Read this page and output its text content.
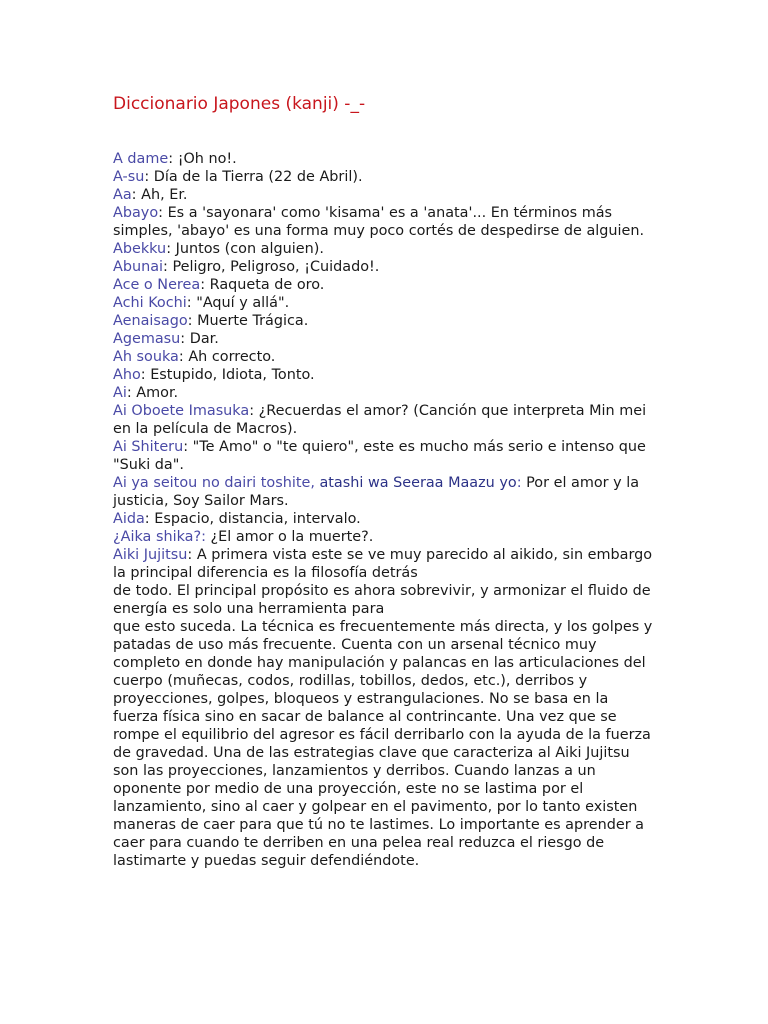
Diccionario Japones (kanji) -_-

A dame: ¡Oh no!.

A-su: Día de la Tierra (22 de Abril).

Aa: Ah, Er.

Abayo: Es a 'sayonara' como 'kisama' es a 'anata'... En términos más simples, 'abayo' es una forma muy poco cortés de despedirse de alguien.

Abekku: Juntos (con alguien).

Abunai: Peligro, Peligroso, ¡Cuidado!.

Ace o Nerea: Raqueta de oro.

Achi Kochi: "Aquí y allá".

Aenaisago: Muerte Trágica.

Agemasu: Dar.

Ah souka: Ah correcto.

Aho: Estupido, Idiota, Tonto.

Ai: Amor.

Ai Oboete Imasuka: ¿Recuerdas el amor? (Canción que interpreta Min mei en la película de Macros).

Ai Shiteru: "Te Amo" o "te quiero", este es mucho más serio e intenso que "Suki da".

Ai ya seitou no dairi toshite, atashi wa Seeraa Maazu yo: Por el amor y la justicia, Soy Sailor Mars.

Aida: Espacio, distancia, intervalo.

¿Aika shika?: ¿El amor o la muerte?.

Aiki Jujitsu: A primera vista este se ve muy parecido al aikido, sin embargo la principal diferencia es la filosofía detrás

de todo. El principal propósito es ahora sobrevivir, y armonizar el fluido de energía es solo una herramienta para

que esto suceda. La técnica es frecuentemente más directa, y los golpes y patadas de uso más frecuente. Cuenta con un arsenal técnico muy completo en donde hay manipulación y palancas en las articulaciones del cuerpo (muñecas, codos, rodillas, tobillos, dedos, etc.), derribos y proyecciones, golpes, bloqueos y estrangulaciones. No se basa en la fuerza física sino en sacar de balance al contrincante. Una vez que se rompe el equilibrio del agresor es fácil derribarlo con la ayuda de la fuerza de gravedad. Una de las estrategias clave que caracteriza al Aiki Jujitsu son las proyecciones, lanzamientos y derribos. Cuando lanzas a un oponente por medio de una proyección, este no se lastima por el lanzamiento, sino al caer y golpear en el pavimento, por lo tanto existen maneras de caer para que tú no te lastimes. Lo importante es aprender a caer para cuando te derriben en una pelea real reduzca el riesgo de lastimarte y puedas seguir defendiéndote.
